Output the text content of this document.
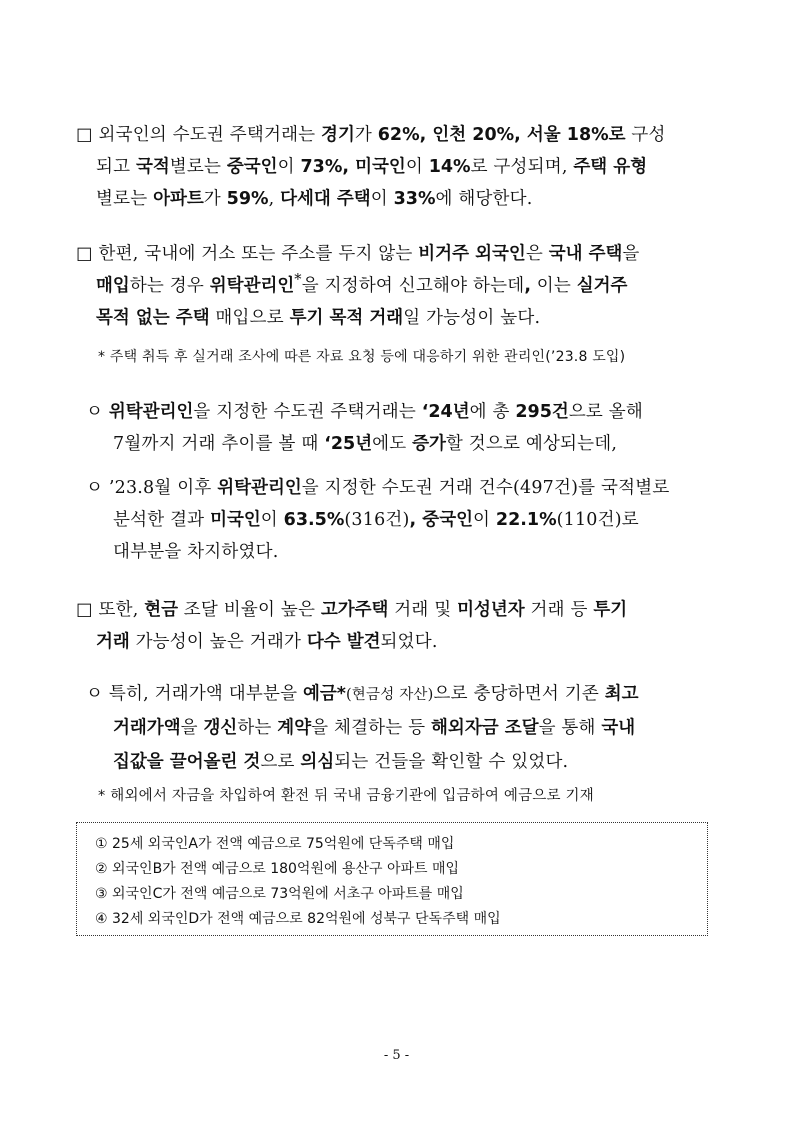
□ 외국인의 수도권 주택거래는 경기가 62%, 인천 20%, 서울 18%로 구성
되고 국적별로는 중국인이 73%, 미국인이 14%로 구성되며, 주택 유형
별로는 아파트가 59%, 다세대 주택이 33%에 해당한다.
□ 한편, 국내에 거소 또는 주소를 두지 않는 비거주 외국인은 국내 주택을
매입하는 경우 위탁관리인*을 지정하여 신고해야 하는데, 이는 실거주
목적 없는 주택 매입으로 투기 목적 거래일 가능성이 높다.
* 주택 취득 후 실거래 조사에 따른 자료 요청 등에 대응하기 위한 관리인(’23.8 도입)
ㅇ 위탁관리인을 지정한 수도권 주택거래는 ‘24년에 총 295건으로 올해
7월까지 거래 추이를 볼 때 ‘25년에도 증가할 것으로 예상되는데,
ㅇ ’23.8월 이후 위탁관리인을 지정한 수도권 거래 건수(497건)를 국적별로
분석한 결과 미국인이 63.5%(316건), 중국인이 22.1%(110건)로
대부분을 차지하였다.
□ 또한, 현금 조달 비율이 높은 고가주택 거래 및 미성년자 거래 등 투기
거래 가능성이 높은 거래가 다수 발견되었다.
ㅇ 특히, 거래가액 대부분을 예금*(현금성 자산)으로 충당하면서 기존 최고
거래가액을 갱신하는 계약을 체결하는 등 해외자금 조달을 통해 국내
집값을 끌어올린 것으로 의심되는 건들을 확인할 수 있었다.
* 해외에서 자금을 차입하여 환전 뒤 국내 금융기관에 입금하여 예금으로 기재
① 25세 외국인A가 전액 예금으로 75억원에 단독주택 매입
② 외국인B가 전액 예금으로 180억원에 용산구 아파트 매입
③ 외국인C가 전액 예금으로 73억원에 서초구 아파트를 매입
④ 32세 외국인D가 전액 예금으로 82억원에 성북구 단독주택 매입
- 5 -
